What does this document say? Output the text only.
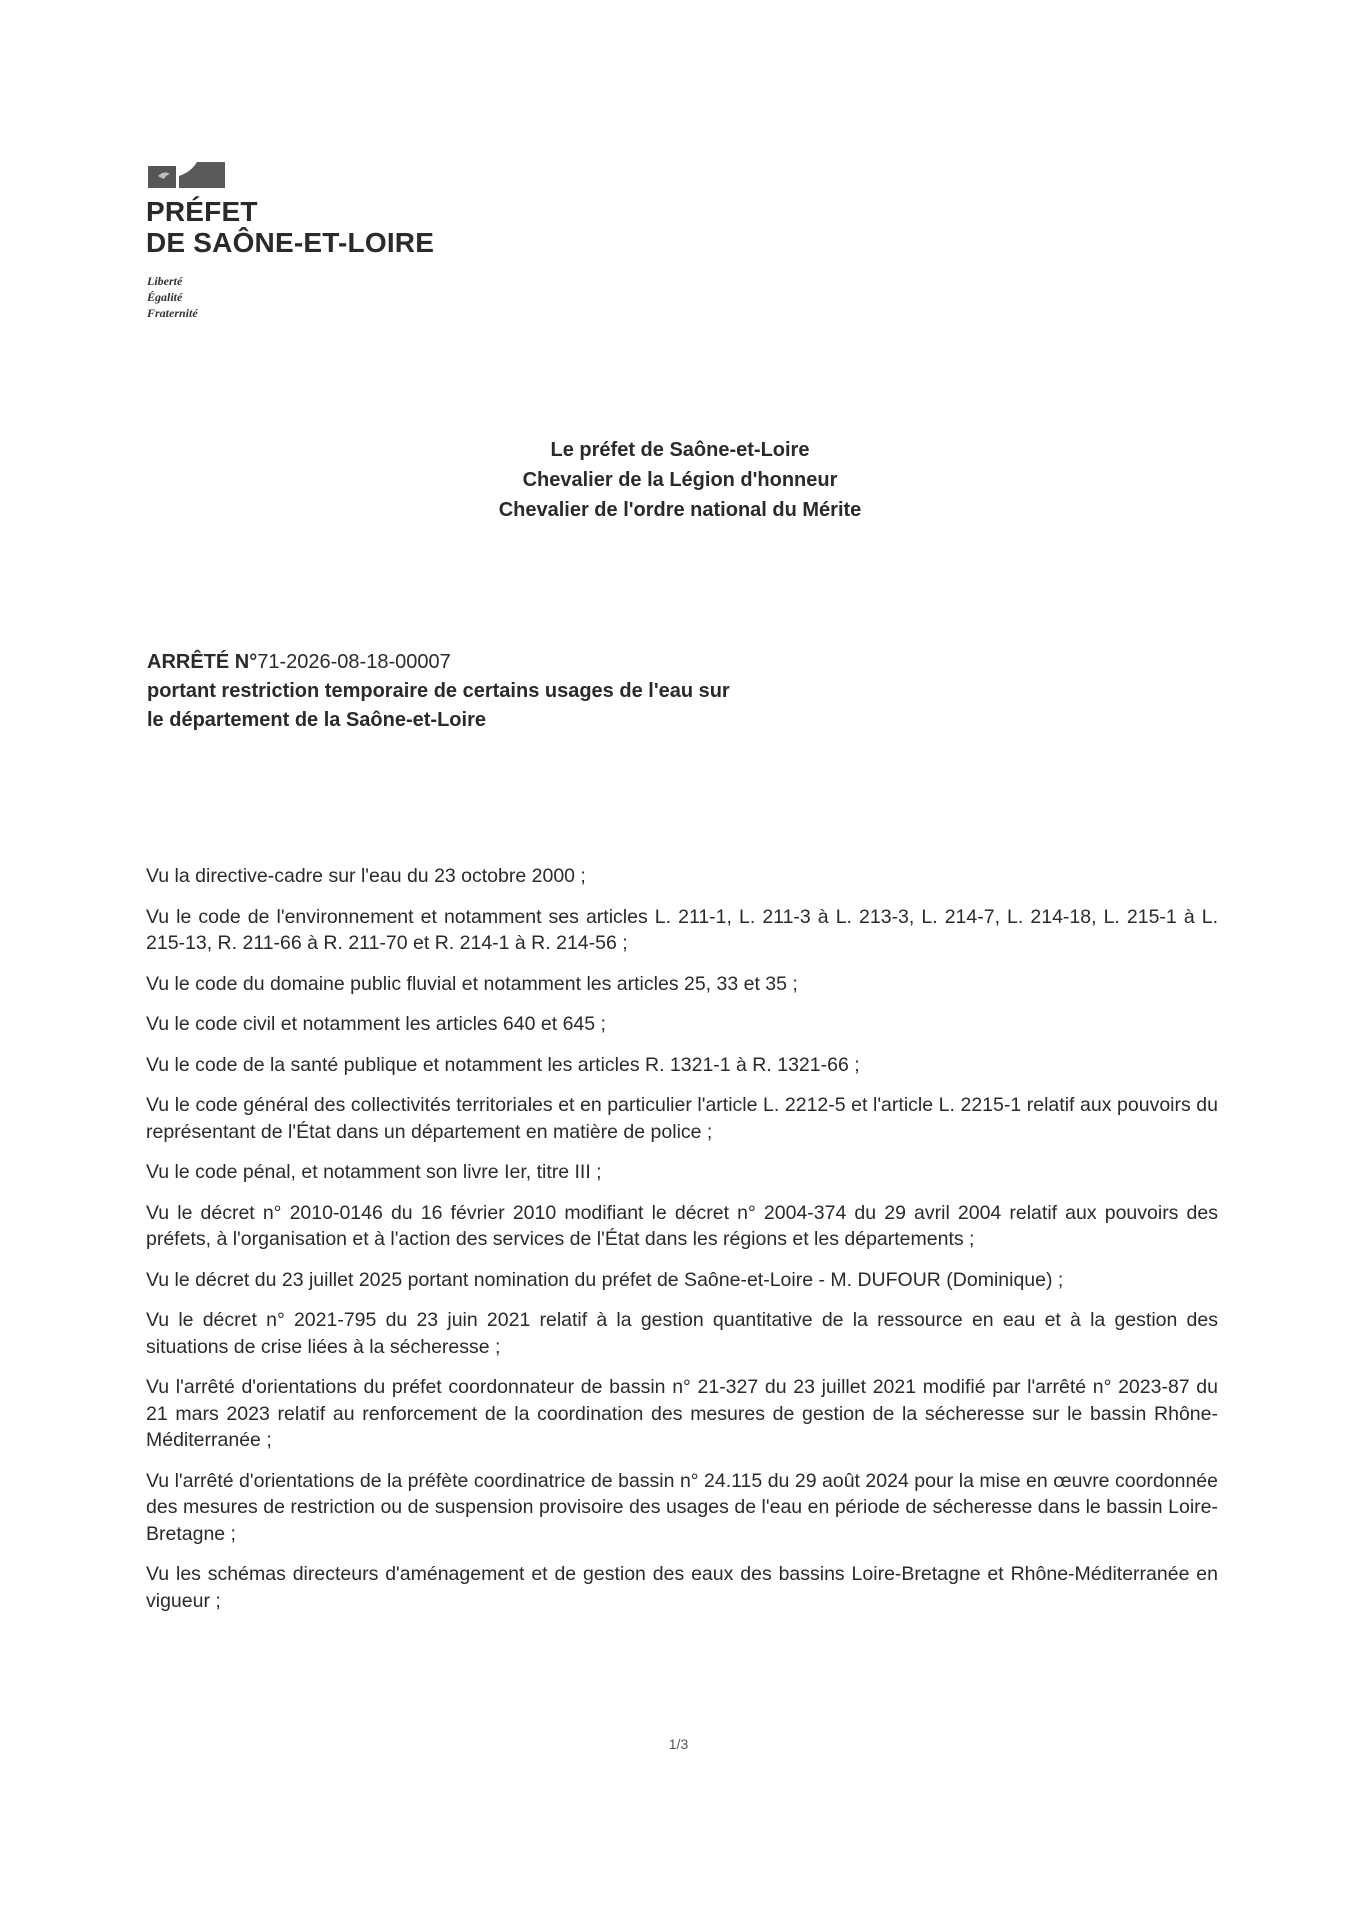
PRÉFET
DE SAÔNE-ET-LOIRE
Liberté
Égalité
Fraternité
Le préfet de Saône-et-Loire
Chevalier de la Légion d'honneur
Chevalier de l'ordre national du Mérite
ARRÊTÉ N°71-2026-08-18-00007
portant restriction temporaire de certains usages de l'eau sur
le département de la Saône-et-Loire

Vu la directive-cadre sur l'eau du 23 octobre 2000 ;

Vu le code de l'environnement et notamment ses articles L. 211-1, L. 211-3 à L. 213-3, L. 214-7, L. 214-18, L. 215-1 à L. 215-13, R. 211-66 à R. 211-70 et R. 214-1 à R. 214-56 ;

Vu le code du domaine public fluvial et notamment les articles 25, 33 et 35 ;

Vu le code civil et notamment les articles 640 et 645 ;

Vu le code de la santé publique et notamment les articles R. 1321-1 à R. 1321-66 ;

Vu le code général des collectivités territoriales et en particulier l'article L. 2212-5 et l'article L. 2215-1 relatif aux pouvoirs du représentant de l'État dans un département en matière de police ;

Vu le code pénal, et notamment son livre Ier, titre III ;

Vu le décret n° 2010-0146 du 16 février 2010 modifiant le décret n° 2004-374 du 29 avril 2004 relatif aux pouvoirs des préfets, à l'organisation et à l'action des services de l'État dans les régions et les départements ;

Vu le décret du 23 juillet 2025 portant nomination du préfet de Saône-et-Loire - M. DUFOUR (Dominique) ;

Vu le décret n° 2021-795 du 23 juin 2021 relatif à la gestion quantitative de la ressource en eau et à la gestion des situations de crise liées à la sécheresse ;

Vu l'arrêté d'orientations du préfet coordonnateur de bassin n° 21-327 du 23 juillet 2021 modifié par l'arrêté n° 2023-87 du 21 mars 2023 relatif au renforcement de la coordination des mesures de gestion de la sécheresse sur le bassin Rhône-Méditerranée ;

Vu l'arrêté d'orientations de la préfète coordinatrice de bassin n° 24.115 du 29 août 2024 pour la mise en œuvre coordonnée des mesures de restriction ou de suspension provisoire des usages de l'eau en période de sécheresse dans le bassin Loire-Bretagne ;

Vu les schémas directeurs d'aménagement et de gestion des eaux des bassins Loire-Bretagne et Rhône-Méditerranée en vigueur ;

1/3
